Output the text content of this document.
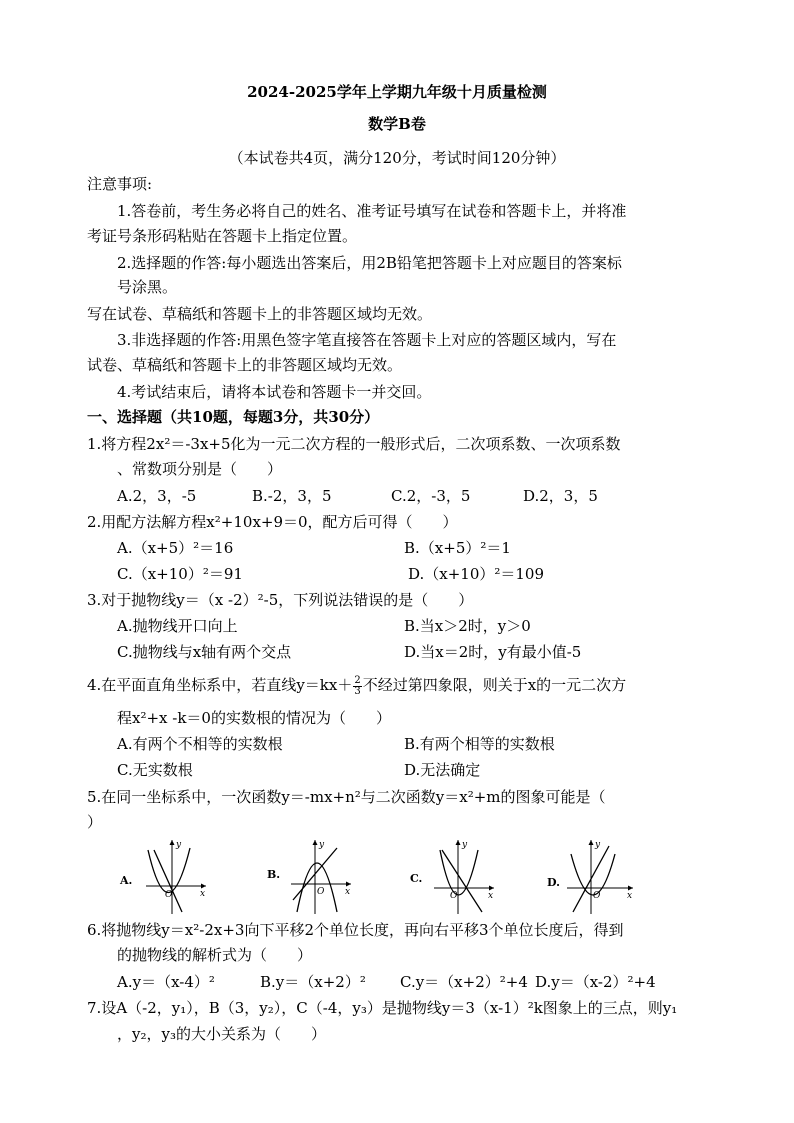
2024-2025学年上学期九年级十月质量检测
数学B卷
（本试卷共4页，满分120分，考试时间120分钟）
注意事项:
1.答卷前，考生务必将自己的姓名、准考证号填写在试卷和答题卡上，并将准
考证号条形码粘贴在答题卡上指定位置。
2.选择题的作答:每小题选出答案后，用2B铅笔把答题卡上对应题目的答案标
号涂黑。
写在试卷、草稿纸和答题卡上的非答题区域均无效。
3.非选择题的作答:用黑色签字笔直接答在答题卡上对应的答题区域内，写在
试卷、草稿纸和答题卡上的非答题区域均无效。
4.考试结束后，请将本试卷和答题卡一并交回。
一、选择题（共10题，每题3分，共30分）
1.将方程2x²＝-3x+5化为一元二次方程的一般形式后，二次项系数、一次项系数
、常数项分别是（　　）
A.2，3，-5	B.-2，3，5	C.2，-3，5	D.2，3，5
2.用配方法解方程x²+10x+9＝0，配方后可得（　　）
A.（x+5）²＝16	B.（x+5）²＝1
C.（x+10）²＝91	D.（x+10）²＝109
3.对于抛物线y＝（x -2）²-5，下列说法错误的是（　　）
A.抛物线开口向上	B.当x＞2时，y＞0
C.抛物线与x轴有两个交点	D.当x＝2时，y有最小值-5
4.在平面直角坐标系中，若直线$y=kx+ \frac{2}{3}$ 不经过第四象限，则关于x的一元二次方
程x²+x -k＝0的实数根的情况为（　　）
A.有两个不相等的实数根	B.有两个相等的实数根
C.无实数根	D.无法确定
5.在同一坐标系中，一次函数y＝-mx+n²与二次函数y＝x²+m的图象可能是（
）
A.
y
x
O
B.
y
x
O
C.
y
x
O
D.
y
x
O
6.将抛物线y＝x²-2x+3向下平移2个单位长度，再向右平移3个单位长度后，得到
的抛物线的解析式为（　　）
A.y＝（x-4）²	B.y＝（x+2）² C.y＝（x+2）²+4 D.y＝（x-2）²+4
7.设A（-2，y₁），B（3，y₂），C（-4，y₃）是抛物线y＝3（x-1）²k图象上的三点，则y₁
，y₂，y₃的大小关系为（　　）
